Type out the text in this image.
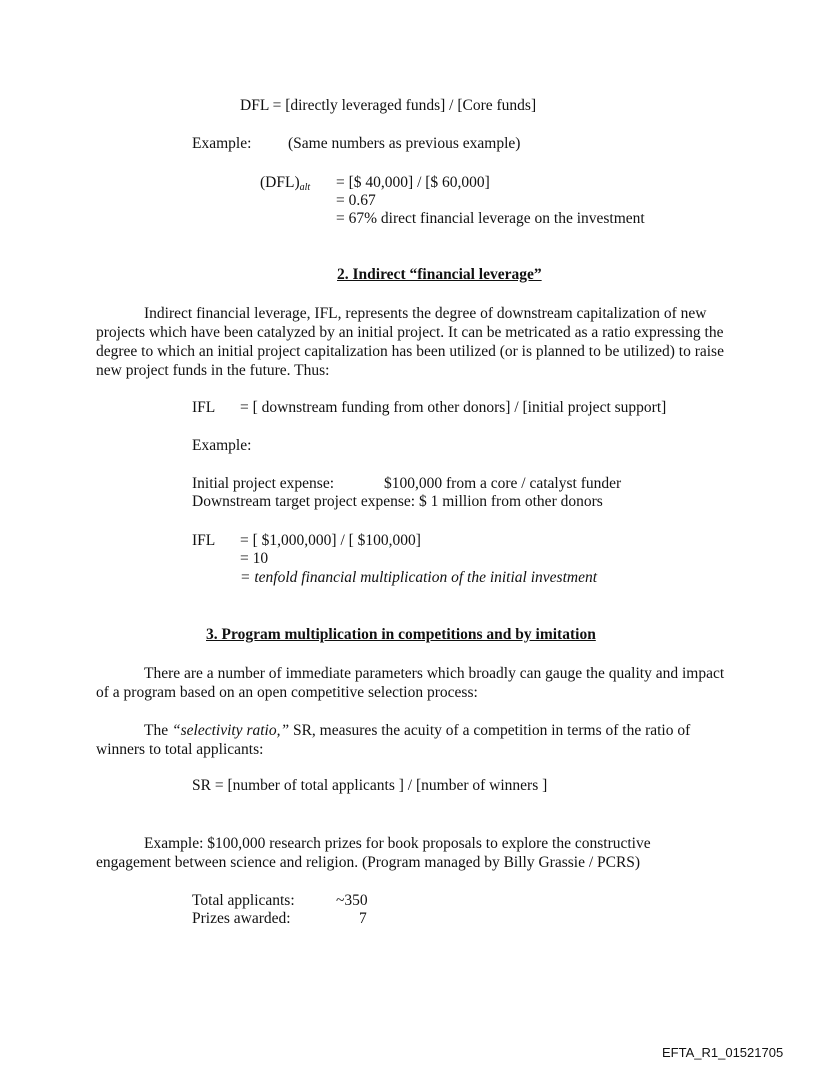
DFL = [directly leveraged funds] / [Core funds]
Example: (Same numbers as previous example)
$(DFL)_{alt}$ = [$ 40,000] / [$ 60,000]
= 0.67
= 67% direct financial leverage on the investment
2. Indirect “financial leverage”
Indirect financial leverage, IFL, represents the degree of downstream capitalization of new projects which have been catalyzed by an initial project. It can be metricated as a ratio expressing the degree to which an initial project capitalization has been utilized (or is planned to be utilized) to raise new project funds in the future. Thus:
IFL = [ downstream funding from other donors] / [initial project support]
Example:
Initial project expense:	$100,000 from a core / catalyst funder
Downstream target project expense: $ 1 million from other donors
IFL = [ $1,000,000] / [ $100,000]
= 10
= tenfold financial multiplication of the initial investment
3. Program multiplication in competitions and by imitation
There are a number of immediate parameters which broadly can gauge the quality and impact of a program based on an open competitive selection process:
The “selectivity ratio,” SR, measures the acuity of a competition in terms of the ratio of winners to total applicants:
SR = [number of total applicants ] / [number of winners ]
Example: $100,000 research prizes for book proposals to explore the constructive engagement between science and religion. (Program managed by Billy Grassie / PCRS)
Total applicants:	~350
Prizes awarded:	7
EFTA_R1_01521705
